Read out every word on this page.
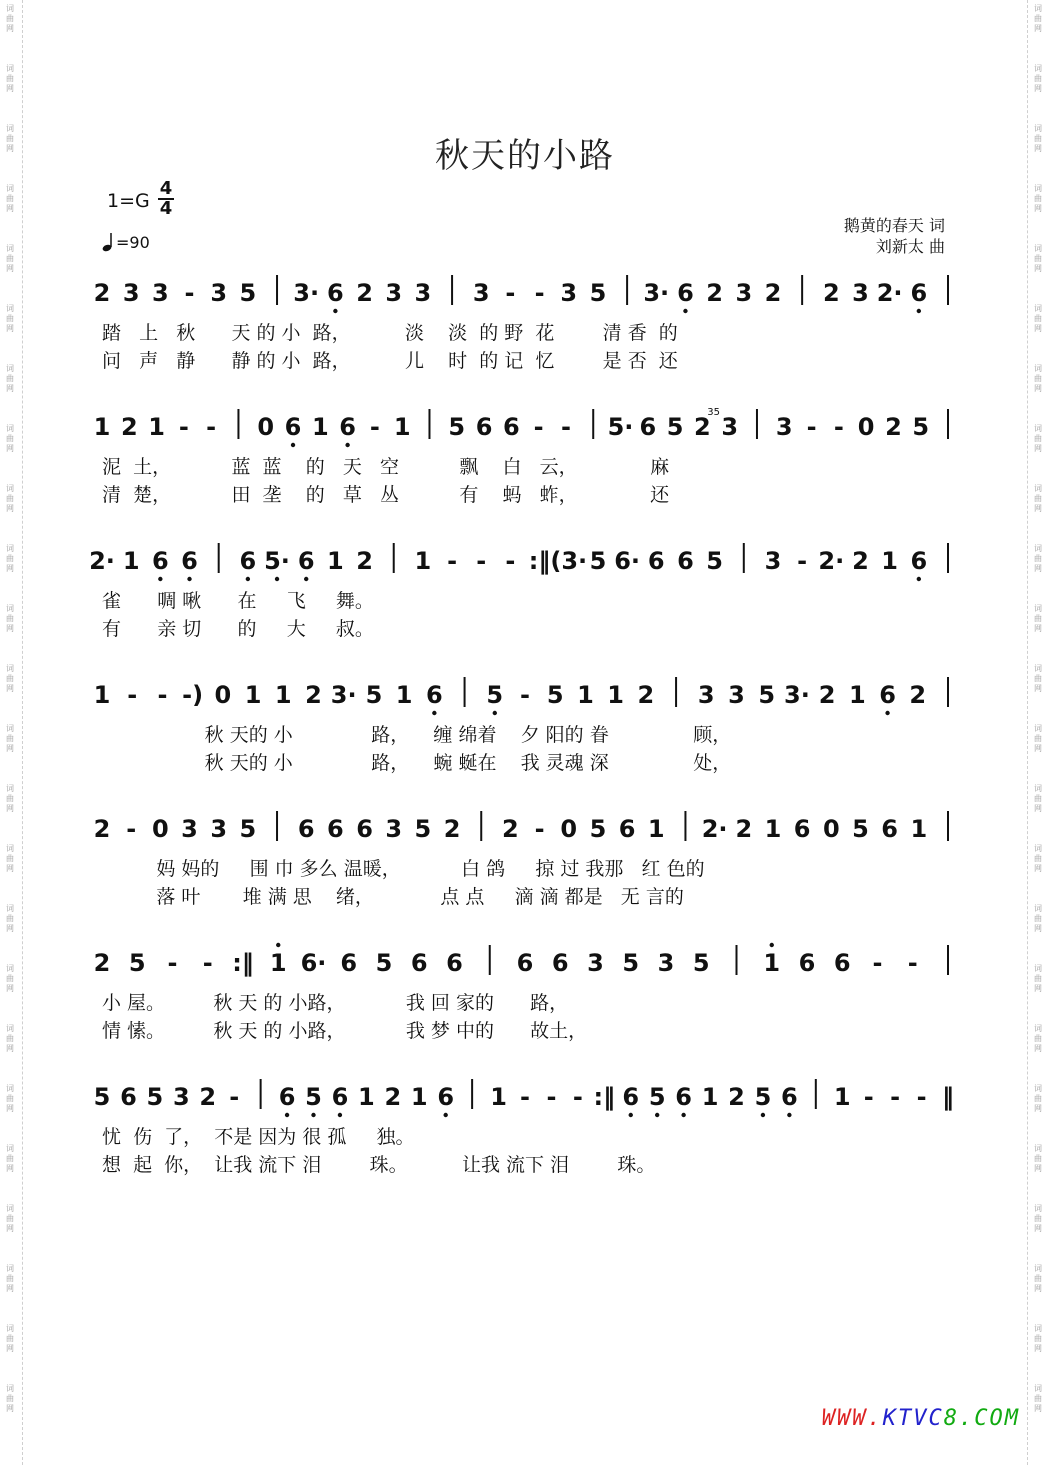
词曲网
词曲网
词曲网
词曲网
词曲网
词曲网
词曲网
词曲网
词曲网
词曲网
词曲网
词曲网
词曲网
词曲网
词曲网
词曲网
词曲网
词曲网
词曲网
词曲网
词曲网
词曲网
词曲网
词曲网
词曲网
词曲网
词曲网
词曲网
词曲网
词曲网
词曲网
词曲网
词曲网
词曲网
词曲网
词曲网
词曲网
词曲网
词曲网
词曲网
词曲网
词曲网
词曲网
词曲网
词曲网
词曲网
词曲网
词曲网
秋天的小路
1=G
4
4
=90
鹅黄的春天 词
刘新太 曲
2 3 3 - 3 5 3· 6 2 3 3 3 - - 3 5 3· 6 2 3 2 2 3 2· 6
1 2 1 - - 0 6 1 6 - 1 5 6 6 - - 5· 6 5 2 3
35
3 - - 0 2 5
2· 1 6 6 6 5· 6 1 2 1 - - - :‖ (3· 5 6· 6 6 5 3 - 2· 2 1 6
1 - - -) 0 1 1 2 3· 5 1 6 5 - 5 1 1 2 3 3 5 3· 2 1 6 2
2 - 0 3 3 5 6 6 6 3 5 2 2 - 0 5 6 1 2· 2 1 6 0 5 6 1
2 5 - - :‖ 1 6· 6 5 6 6 6 6 3 5 3 5 1 6 6 - -
5 6 5 3 2 - 6 5 6 1 2 1 6 1 - - - :‖ 6 5 6 1 2 5 6 1 - - - ‖
踏   上   秋      天 的 小  路，         淡    淡  的 野  花        清 香  的
问   声   静      静 的 小  路，         儿    时  的 记  忆        是 否  还
泥  土，          蓝  蓝    的   天   空          飘    白   云，            麻
清  楚，          田  垄    的   草   丛          有    蚂   蚱，            还
雀      啁 啾      在     飞     舞。
有      亲 切      的     大     叔。
秋 天的 小             路，    缠 绵着    夕 阳的 眷              顾，
秋 天的 小             路，    蜿 蜒在    我 灵魂 深              处，
妈 妈的     围 巾 多么 温暖，          白 鸽     掠 过 我那   红 色的
落 叶       堆 满 思    绪，           点 点     滴 滴 都是   无 言的
小 屋。        秋 天 的 小路，          我 回 家的      路，
情 愫。        秋 天 的 小路，          我 梦 中的      故土，
忧  伤  了，  不是 因为 很 孤     独。
想  起  你，  让我 流下 泪        珠。         让我 流下 泪        珠。
WWW.KTVC8.COM
